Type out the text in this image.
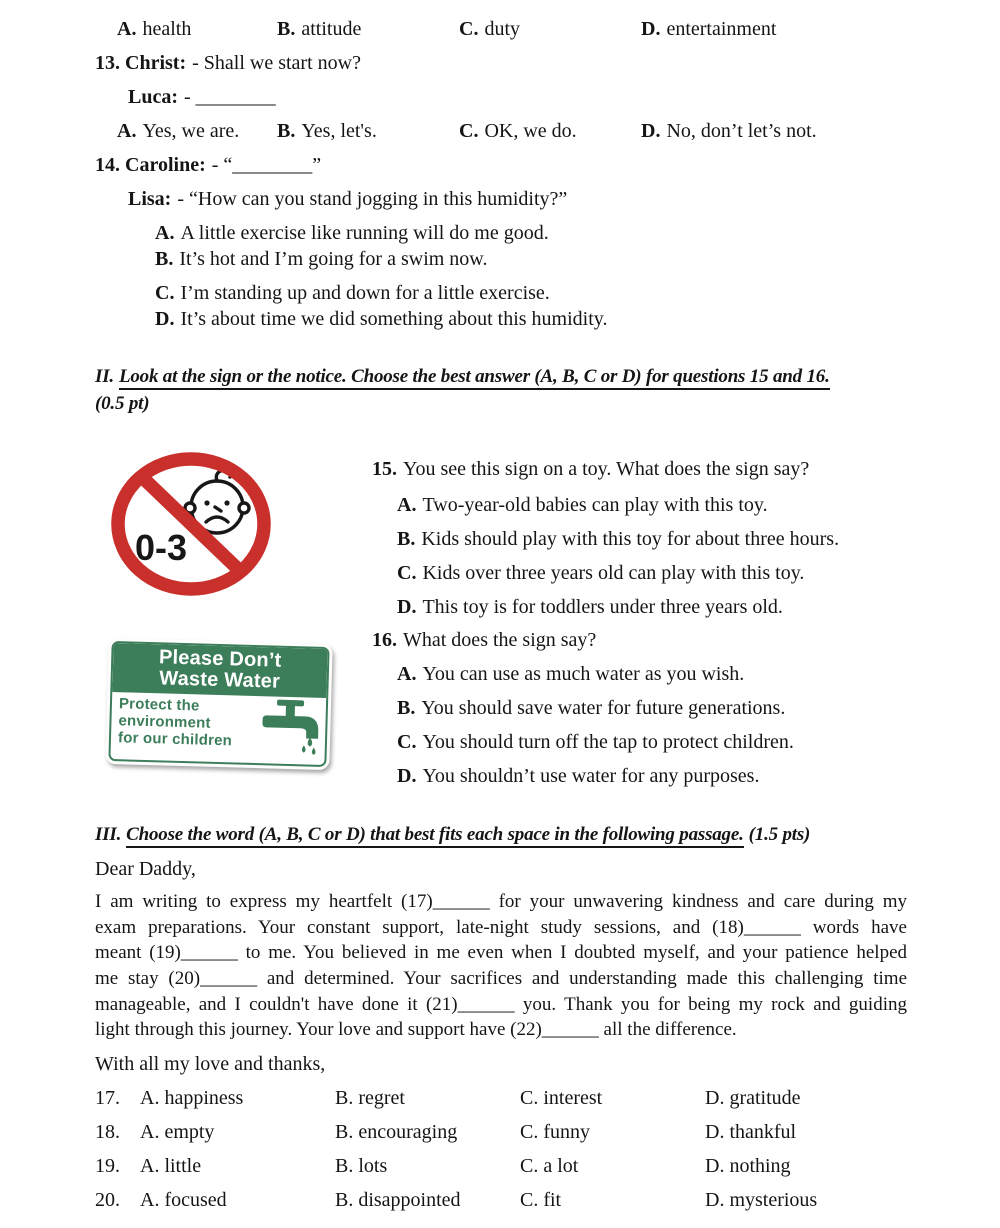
A. health	B. attitude	C. duty	D. entertainment
13. Christ: - Shall we start now?
Luca: - ________
A. Yes, we are. B. Yes, let's.	C. OK, we do.	D. No, don’t let’s not.
14. Caroline: - “________”
Lisa: - “How can you stand jogging in this humidity?”
A. A little exercise like running will do me good.
B. It’s hot and I’m going for a swim now.
C. I’m standing up and down for a little exercise.
D. It’s about time we did something about this humidity.
II. Look at the sign or the notice. Choose the best answer (A, B, C or D) for questions 15 and 16.
(0.5 pt)
0-3
Please Don’t
Waste Water
Protect the
environment
for our children
15. You see this sign on a toy. What does the sign say?
A. Two-year-old babies can play with this toy.
B. Kids should play with this toy for about three hours.
C. Kids over three years old can play with this toy.
D. This toy is for toddlers under three years old.
16. What does the sign say?
A. You can use as much water as you wish.
B. You should save water for future generations.
C. You should turn off the tap to protect children.
D. You shouldn’t use water for any purposes.
III. Choose the word (A, B, C or D) that best fits each space in the following passage. (1.5 pts)
Dear Daddy,
I am writing to express my heartfelt (17)______ for your unwavering kindness and care during my
exam preparations. Your constant support, late-night study sessions, and (18)______ words have
meant (19)______ to me. You believed in me even when I doubted myself, and your patience helped
me stay (20)______ and determined. Your sacrifices and understanding made this challenging time
manageable, and I couldn't have done it (21)______ you. Thank you for being my rock and guiding
light through this journey. Your love and support have (22)______ all the difference.
With all my love and thanks,
17. A. happiness	B. regret	C. interest	D. gratitude
18. A. empty	B. encouraging	C. funny	D. thankful
19. A. little	B. lots	C. a lot	D. nothing
20. A. focused	B. disappointed	C. fit	D. mysterious
